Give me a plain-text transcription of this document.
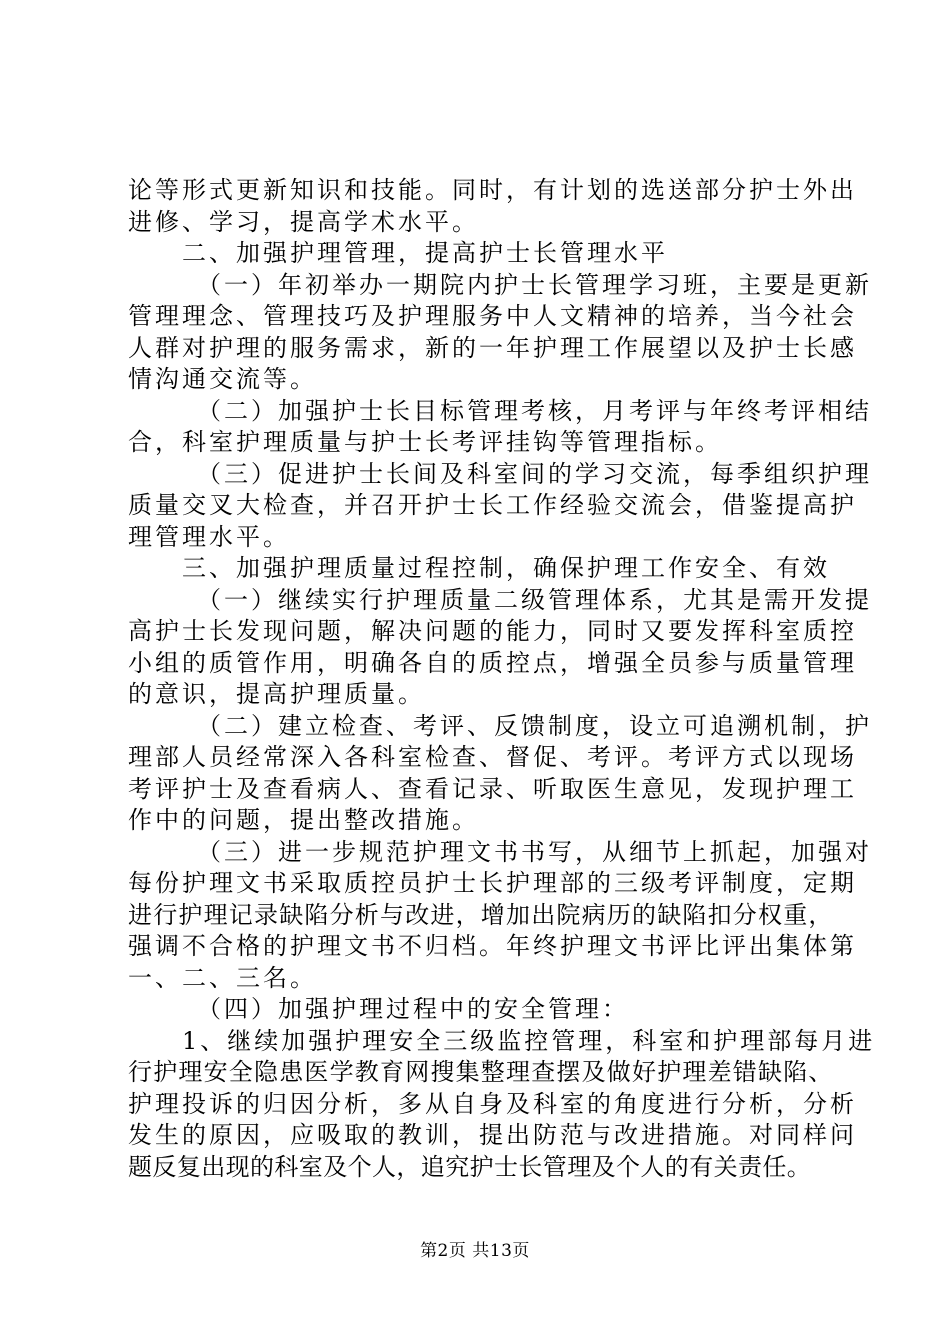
论等形式更新知识和技能。同时，有计划的选送部分护士外出
进修、学习，提高学术水平。
　　二、加强护理管理，提高护士长管理水平
　　　（一）年初举办一期院内护士长管理学习班，主要是更新
管理理念、管理技巧及护理服务中人文精神的培养，当今社会
人群对护理的服务需求，新的一年护理工作展望以及护士长感
情沟通交流等。
　　　（二）加强护士长目标管理考核，月考评与年终考评相结
合，科室护理质量与护士长考评挂钩等管理指标。
　　　（三）促进护士长间及科室间的学习交流，每季组织护理
质量交叉大检查，并召开护士长工作经验交流会，借鉴提高护
理管理水平。
　　三、加强护理质量过程控制，确保护理工作安全、有效
　　　（一）继续实行护理质量二级管理体系，尤其是需开发提
高护士长发现问题，解决问题的能力，同时又要发挥科室质控
小组的质管作用，明确各自的质控点，增强全员参与质量管理
的意识，提高护理质量。
　　　（二）建立检查、考评、反馈制度，设立可追溯机制，护
理部人员经常深入各科室检查、督促、考评。考评方式以现场
考评护士及查看病人、查看记录、听取医生意见，发现护理工
作中的问题，提出整改措施。
　　　（三）进一步规范护理文书书写，从细节上抓起，加强对
每份护理文书采取质控员护士长护理部的三级考评制度，定期
进行护理记录缺陷分析与改进，增加出院病历的缺陷扣分权重，
强调不合格的护理文书不归档。年终护理文书评比评出集体第
一、二、三名。
　　　（四）加强护理过程中的安全管理：
　　1、继续加强护理安全三级监控管理，科室和护理部每月进
行护理安全隐患医学教育网搜集整理查摆及做好护理差错缺陷、
护理投诉的归因分析，多从自身及科室的角度进行分析，分析
发生的原因，应吸取的教训，提出防范与改进措施。对同样问
题反复出现的科室及个人，追究护士长管理及个人的有关责任。
第2页 共13页
